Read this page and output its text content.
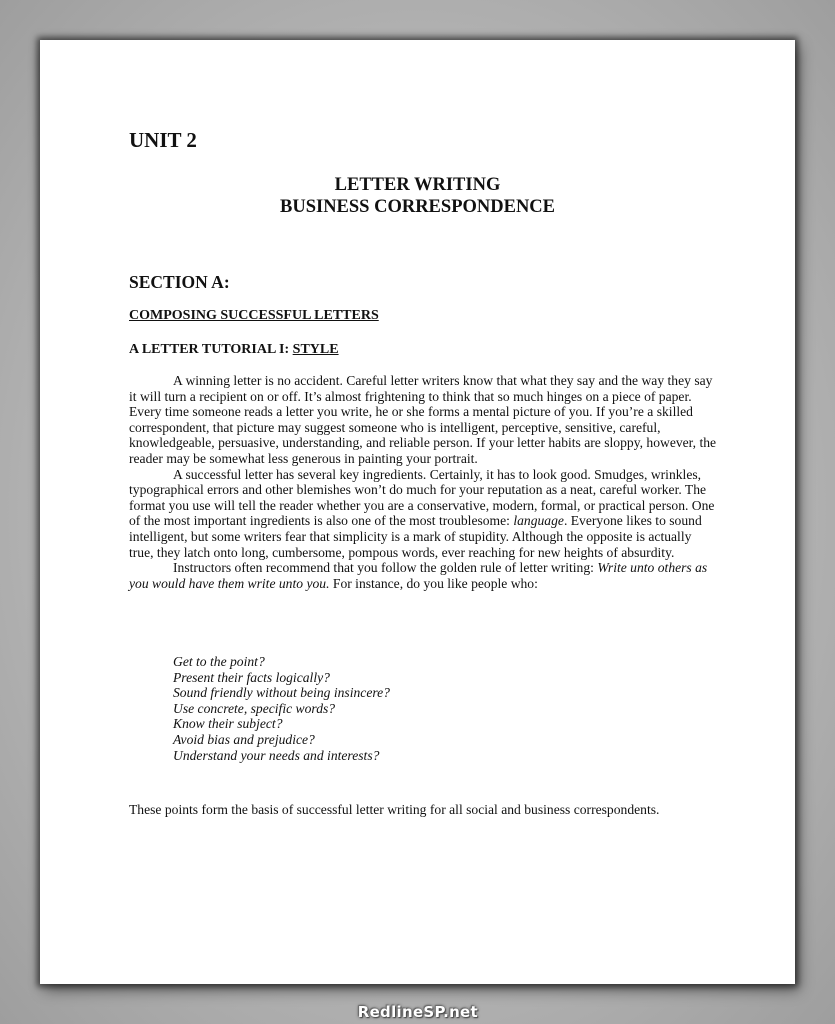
UNIT 2
LETTER WRITING
BUSINESS CORRESPONDENCE
SECTION A:
COMPOSING SUCCESSFUL LETTERS
A LETTER TUTORIAL I: STYLE

A winning letter is no accident. Careful letter writers know that what they say and the way they say it will turn a recipient on or off. It’s almost frightening to think that so much hinges on a piece of paper. Every time someone reads a letter you write, he or she forms a mental picture of you. If you’re a skilled correspondent, that picture may suggest someone who is intelligent, perceptive, sensitive, careful, knowledgeable, persuasive, understanding, and reliable person. If your letter habits are sloppy, however, the reader may be somewhat less generous in painting your portrait.

A successful letter has several key ingredients. Certainly, it has to look good. Smudges, wrinkles, typographical errors and other blemishes won’t do much for your reputation as a neat, careful worker. The format you use will tell the reader whether you are a conservative, modern, formal, or practical person. One of the most important ingredients is also one of the most troublesome: language. Everyone likes to sound intelligent, but some writers fear that simplicity is a mark of stupidity. Although the opposite is actually true, they latch onto long, cumbersome, pompous words, ever reaching for new heights of absurdity.

Instructors often recommend that you follow the golden rule of letter writing: Write unto others as you would have them write unto you. For instance, do you like people who:

Get to the point?
Present their facts logically?
Sound friendly without being insincere?
Use concrete, specific words?
Know their subject?
Avoid bias and prejudice?
Understand your needs and interests?

These points form the basis of successful letter writing for all social and business correspondents.

RedlineSP.net
